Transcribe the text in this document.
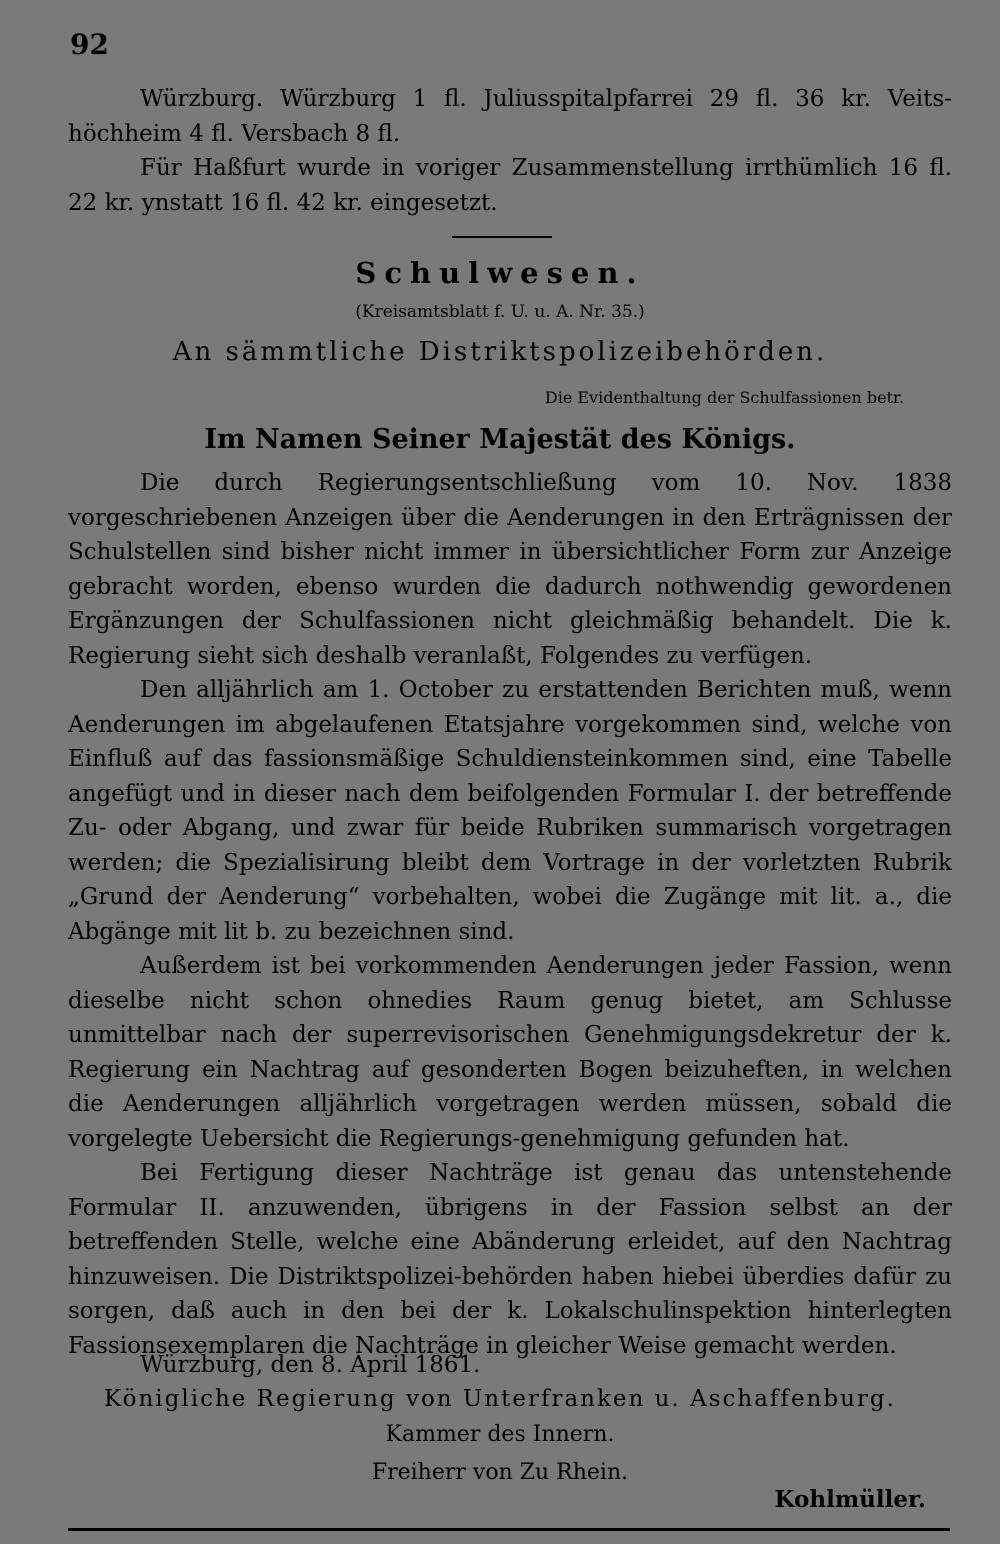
92

Würzburg. Würzburg 1 fl. Juliusspitalpfarrei 29 fl. 36 kr. Veits-höchheim 4 fl. Versbach 8 fl.

Für Haßfurt wurde in voriger Zusammenstellung irrthümlich 16 fl. 22 kr. ynstatt 16 fl. 42 kr. eingesetzt.

Schulwesen.
(Kreisamtsblatt f. U. u. A. Nr. 35.)
An sämmtliche Distriktspolizeibehörden.
Die Evidenthaltung der Schulfassionen betr.
Im Namen Seiner Majestät des Königs.

Die durch Regierungsentschließung vom 10. Nov. 1838 vorgeschriebenen Anzeigen über die Aenderungen in den Erträgnissen der Schulstellen sind bisher nicht immer in übersichtlicher Form zur Anzeige gebracht worden, ebenso wurden die dadurch nothwendig gewordenen Ergänzungen der Schulfassionen nicht gleichmäßig behandelt. Die k. Regierung sieht sich deshalb veranlaßt, Folgendes zu verfügen.

Den alljährlich am 1. October zu erstattenden Berichten muß, wenn Aenderungen im abgelaufenen Etatsjahre vorgekommen sind, welche von Einfluß auf das fassionsmäßige Schuldiensteinkommen sind, eine Tabelle angefügt und in dieser nach dem beifolgenden Formular I. der betreffende Zu- oder Abgang, und zwar für beide Rubriken summarisch vorgetragen werden; die Spezialisirung bleibt dem Vortrage in der vorletzten Rubrik „Grund der Aenderung“ vorbehalten, wobei die Zugänge mit lit. a., die Abgänge mit lit b. zu bezeichnen sind.

Außerdem ist bei vorkommenden Aenderungen jeder Fassion, wenn dieselbe nicht schon ohnedies Raum genug bietet, am Schlusse unmittelbar nach der superrevisorischen Genehmigungsdekretur der k. Regierung ein Nachtrag auf gesonderten Bogen beizuheften, in welchen die Aenderungen alljährlich vorgetragen werden müssen, sobald die vorgelegte Uebersicht die Regierungs-genehmigung gefunden hat.

Bei Fertigung dieser Nachträge ist genau das untenstehende Formular II. anzuwenden, übrigens in der Fassion selbst an der betreffenden Stelle, welche eine Abänderung erleidet, auf den Nachtrag hinzuweisen. Die Distriktspolizei-behörden haben hiebei überdies dafür zu sorgen, daß auch in den bei der k. Lokalschulinspektion hinterlegten Fassionsexemplaren die Nachträge in gleicher Weise gemacht werden.

Würzburg, den 8. April 1861.
Königliche Regierung von Unterfranken u. Aschaffenburg.
Kammer des Innern.
Freiherr von Zu Rhein.
Kohlmüller.
